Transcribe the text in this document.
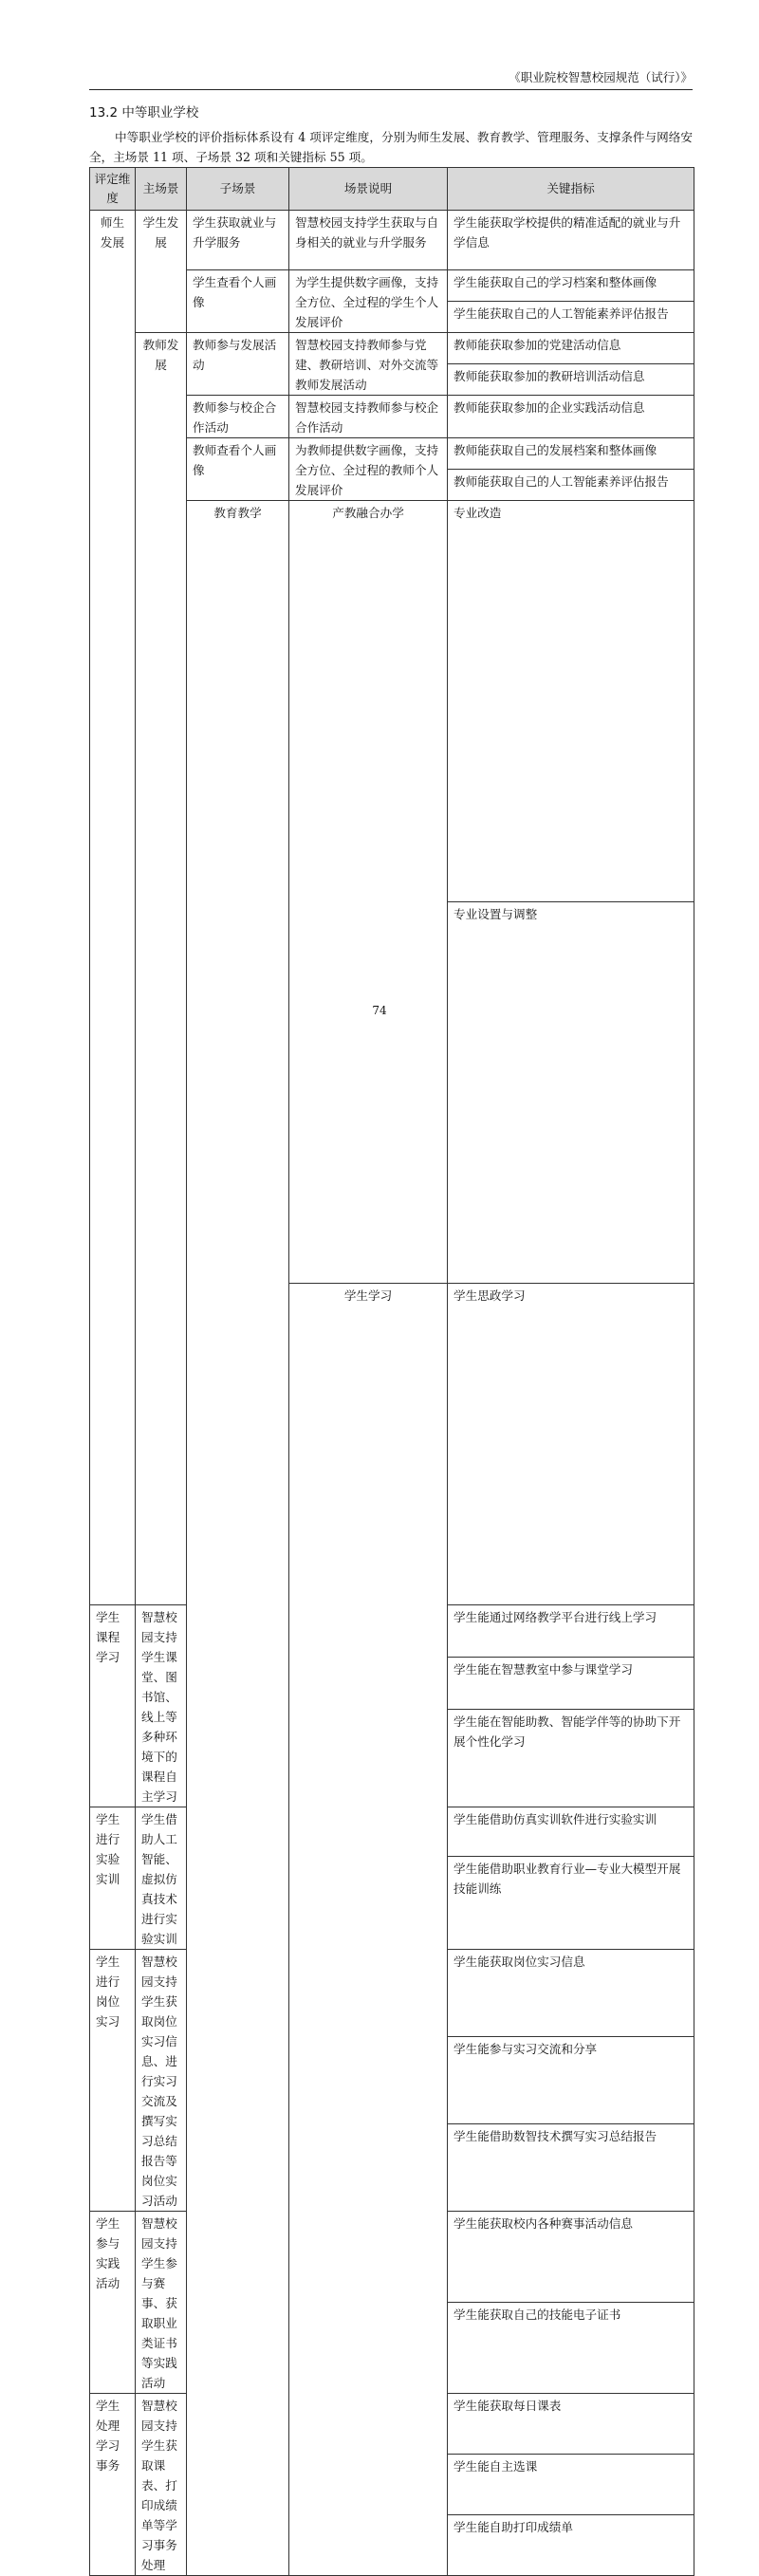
《职业院校智慧校园规范（试行）》
13.2 中等职业学校
中等职业学校的评价指标体系设有 4 项评定维度，分别为师生发展、教育教学、管理服务、支撑条件与网络安全，主场景 11 项、子场景 32 项和关键指标 55 项。
评定维度	主场景	子场景	场景说明	关键指标	
师生发展	学生发展	学生获取就业与升学服务	智慧校园支持学生获取与自身相关的就业与升学服务	学生能获取学校提供的精准适配的就业与升学信息	
		学生查看个人画像	为学生提供数字画像，支持全方位、全过程的学生个人发展评价	学生能获取自己的学习档案和整体画像	
				学生能获取自己的人工智能素养评估报告	
	教师发展	教师参与发展活动	智慧校园支持教师参与党建、教研培训、对外交流等教师发展活动	教师能获取参加的党建活动信息	
				教师能获取参加的教研培训活动信息	
		教师参与校企合作活动	智慧校园支持教师参与校企合作活动	教师能获取参加的企业实践活动信息	
		教师查看个人画像	为教师提供数字画像，支持全方位、全过程的教师个人发展评价	教师能获取自己的发展档案和整体画像	
				教师能获取自己的人工智能素养评估报告	
		教育教学	产教融合办学	专业改造		
				专业设置与调整		
			学生学习	学生思政学习		
学生课程学习	智慧校园支持学生课堂、图书馆、线上等多种环境下的课程自主学习			学生能通过网络教学平台进行线上学习	
				学生能在智慧教室中参与课堂学习	
				学生能在智能助教、智能学伴等的协助下开展个性化学习	
学生进行实验实训	学生借助人工智能、虚拟仿真技术进行实验实训			学生能借助仿真实训软件进行实验实训	
				学生能借助职业教育行业—专业大模型开展技能训练	
学生进行岗位实习	智慧校园支持学生获取岗位实习信息、进行实习交流及撰写实习总结报告等岗位实习活动			学生能获取岗位实习信息	
				学生能参与实习交流和分享	
				学生能借助数智技术撰写实习总结报告	
学生参与实践活动	智慧校园支持学生参与赛事、获取职业类证书等实践活动			学生能获取校内各种赛事活动信息	
				学生能获取自己的技能电子证书	
学生处理学习事务	智慧校园支持学生获取课表、打印成绩单等学习事务处理			学生能获取每日课表	
				学生能自主选课	
				学生能自助打印成绩单	
74
